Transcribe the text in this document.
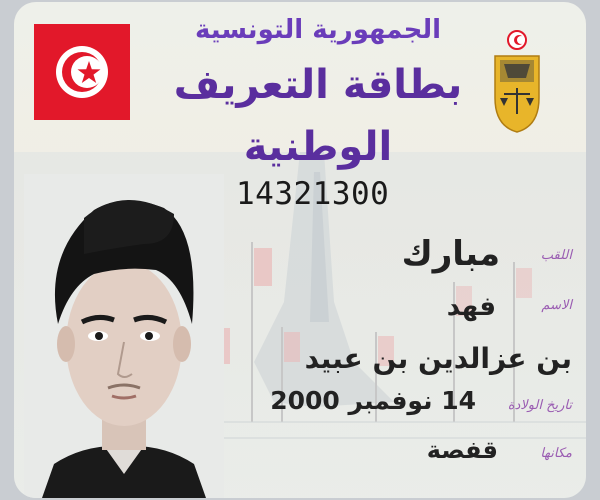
الجمهورية التونسية
بطاقة التعريف الوطنية
14321300
اللقب
مبارك
الاسم
فهد
بن عزالدين بن عبيد
تاريخ الولادة
14 نوفمبر 2000
مكانها
قفصة
